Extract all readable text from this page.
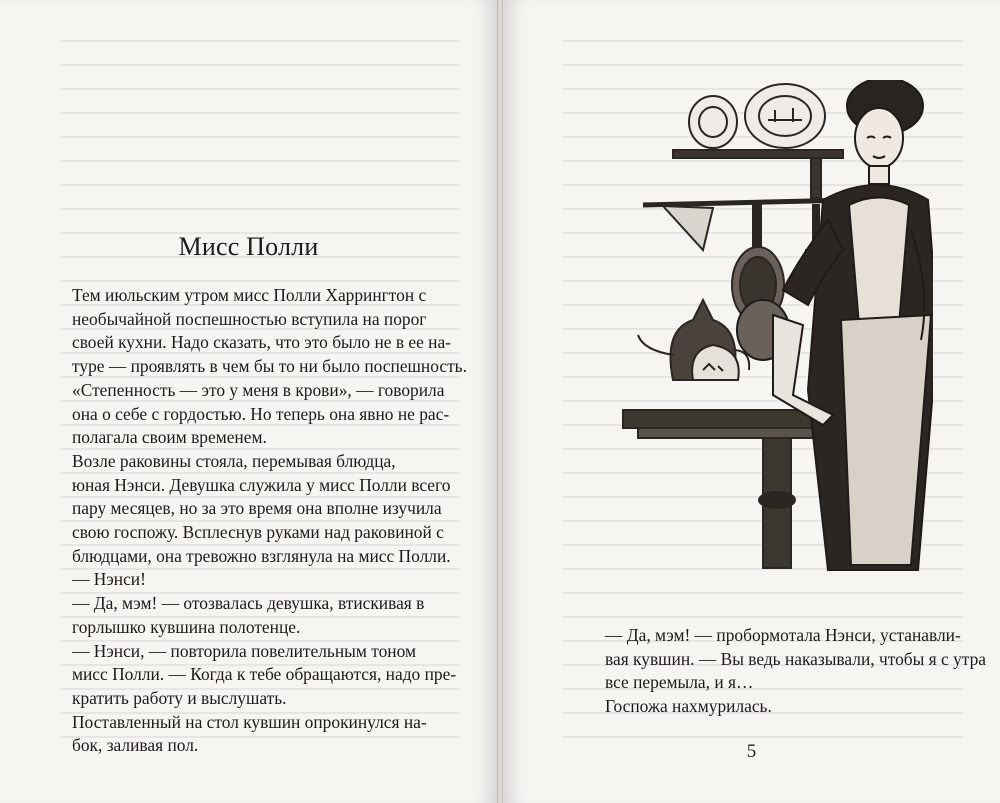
Мисс Полли

Тем июльским утром мисс Полли Харрингтон с
необычайной поспешностью вступила на порог
своей кухни. Надо сказать, что это было не в ее на-
туре — проявлять в чем бы то ни было поспешность.
«Степенность — это у меня в крови», — говорила
она о себе с гордостью. Но теперь она явно не рас-
полагала своим временем.

Возле раковины стояла, перемывая блюдца,
юная Нэнси. Девушка служила у мисс Полли всего
пару месяцев, но за это время она вполне изучила
свою госпожу. Всплеснув руками над раковиной с
блюдцами, она тревожно взглянула на мисс Полли.

— Нэнси!

— Да, мэм! — отозвалась девушка, втискивая в
горлышко кувшина полотенце.

— Нэнси, — повторила повелительным тоном
мисс Полли. — Когда к тебе обращаются, надо пре-
кратить работу и выслушать.

Поставленный на стол кувшин опрокинулся на-
бок, заливая пол.

— Да, мэм! — пробормотала Нэнси, устанавли-
вая кувшин. — Вы ведь наказывали, чтобы я с утра
все перемыла, и я…

Госпожа нахмурилась.

5
